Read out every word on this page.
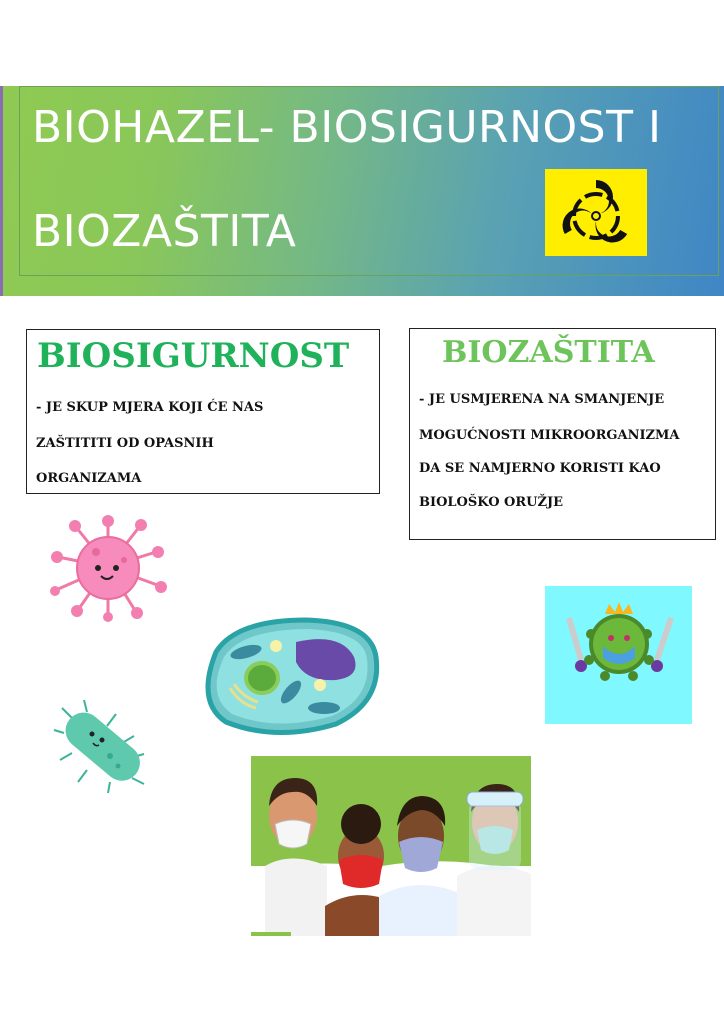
BIOHAZEL- BIOSIGURNOST I
BIOZAŠTITA
BIOSIGURNOST
- JE SKUP MJERA KOJI ĆE NAS
ZAŠTITITI OD OPASNIH
ORGANIZAMA
BIOZAŠTITA
- JE USMJERENA NA SMANJENJE
MOGUĆNOSTI MIKROORGANIZMA
DA SE NAMJERNO KORISTI KAO
BIOLOŠKO ORUŽJE
